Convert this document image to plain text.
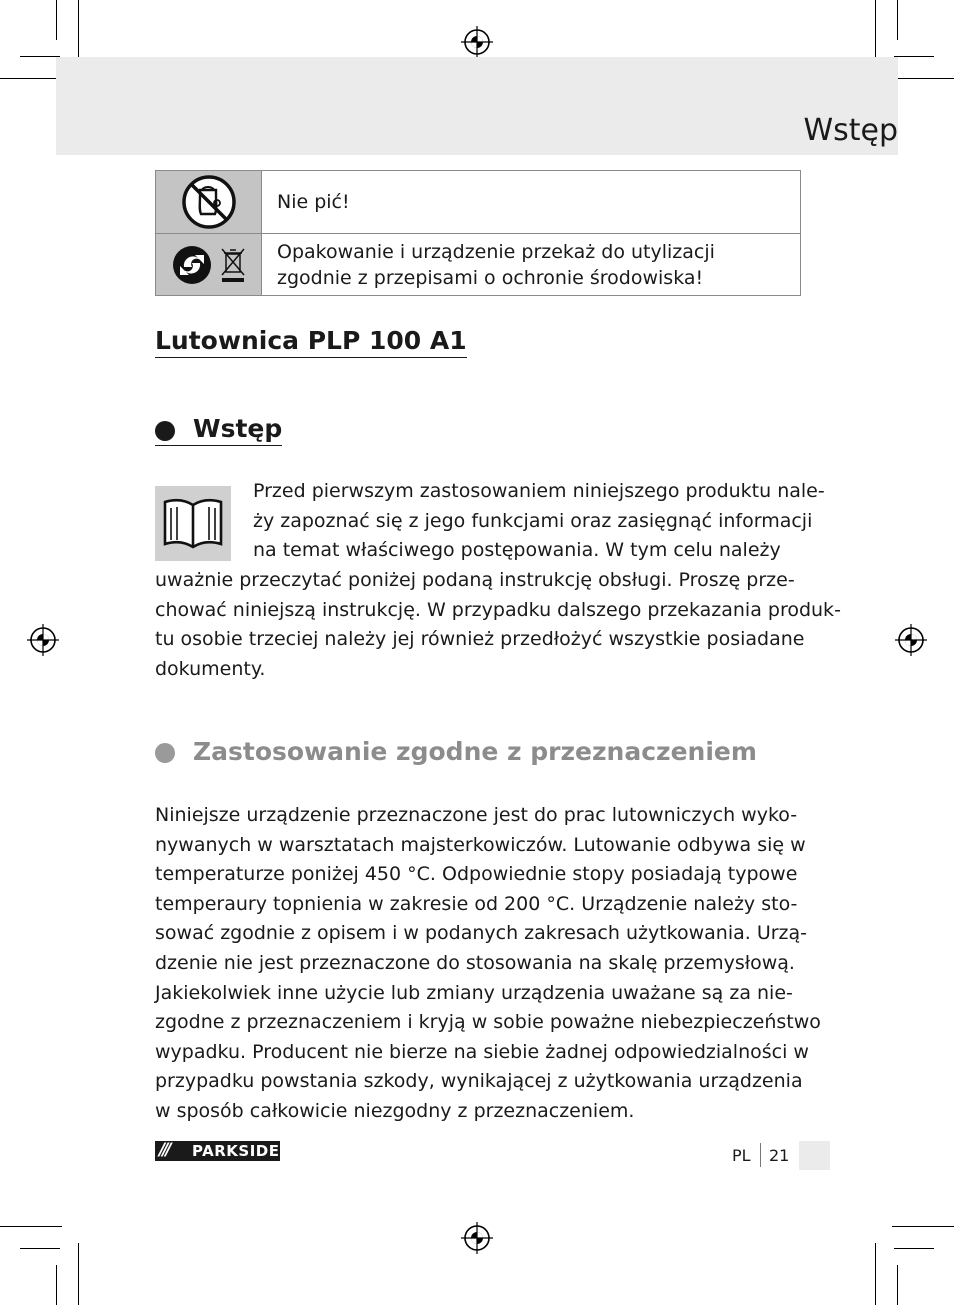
Wstęp
	Nie pić!

	Opakowanie i urządzenie przekaż do utylizacji zgodnie z przepisami o ochronie środowiska!
Lutownica PLP 100 A1
Wstęp
Przed pierwszym zastosowaniem niniejszego produktu nale-
ży zapoznać się z jego funkcjami oraz zasięgnąć informacji
na temat właściwego postępowania. W tym celu należy
uważnie przeczytać poniżej podaną instrukcję obsługi. Proszę prze-
chować niniejszą instrukcję. W przypadku dalszego przekazania produk-
tu osobie trzeciej należy jej również przedłożyć wszystkie posiadane
dokumenty.
Zastosowanie zgodne z przeznaczeniem
Niniejsze urządzenie przeznaczone jest do prac lutowniczych wyko-
nywanych w warsztatach majsterkowiczów. Lutowanie odbywa się w
temperaturze poniżej 450 °C. Odpowiednie stopy posiadają typowe
temperaury topnienia w zakresie od 200 °C. Urządzenie należy sto-
sować zgodnie z opisem i w podanych zakresach użytkowania. Urzą-
dzenie nie jest przeznaczone do stosowania na skalę przemysłową.
Jakiekolwiek inne użycie lub zmiany urządzenia uważane są za nie-
zgodne z przeznaczeniem i kryją w sobie poważne niebezpieczeństwo
wypadku. Producent nie bierze na siebie żadnej odpowiedzialności w
przypadku powstania szkody, wynikającej z użytkowania urządzenia
w sposób całkowicie niezgodny z przeznaczeniem.
/// PARKSIDE	PL 21
